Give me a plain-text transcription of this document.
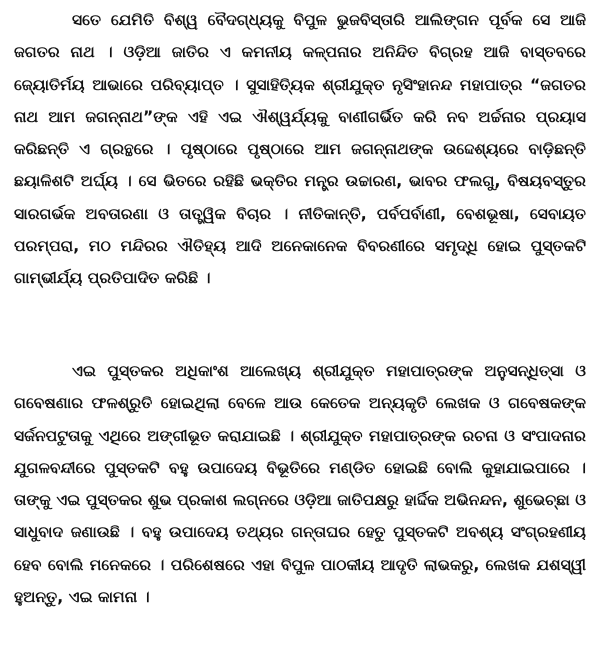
ସତେ ଯେମିତି ବିଶ୍ୱ ବୈଦଗ୍ଧ୍ୟକୁ ବିପୁଳ ଭୁଜବିସ୍ତାରି ଆଲିଙ୍ଗନ ପୂର୍ବକ ସେ ଆଜି ଜଗତର ନାଥ । ଓଡ଼ିଆ ଜାତିର ଏ କମନୀୟ କଳ୍ପନାର ଅନିନ୍ଦିତ ବିଗ୍ରହ ଆଜି ବାସ୍ତବରେ ଜ୍ୟୋତିର୍ମୟ ଆଭାରେ ପରିବ୍ୟାପ୍ତ । ସୁସାହିତ୍ୟିକ ଶ୍ରୀଯୁକ୍ତ ନୃସିଂହାନନ୍ଦ ମହାପାତ୍ର “ଜଗତର ନାଥ ଆମ ଜଗନ୍ନାଥ”ଙ୍କ ଏହି ଏଇ ଐଶ୍ୱର୍ଯ୍ୟକୁ ବାଣୀଗର୍ଭିତ କରି ନବ ଅର୍ଚ୍ଚନାର ପ୍ରୟାସ କରିଛନ୍ତି ଏ ଗ୍ରନ୍ଥରେ । ପୃଷ୍ଠାରେ ପୃଷ୍ଠାରେ ଆମ ଜଗନ୍ନାଥଙ୍କ ଉଦ୍ଦେଶ୍ୟରେ ବାଡ଼ିଛନ୍ତି ଛୟାଳିଶଟି ଅର୍ଘ୍ୟ । ସେ ଭିତରେ ରହିଛି ଭକ୍ତିର ମନ୍ତ୍ର ଉଚ୍ଚାରଣ, ଭାବର ଫଲଗୁ, ବିଷୟବସ୍ତୁର ସାରଗର୍ଭକ ଅବତାରଣା ଓ ତାତ୍ତ୍ୱିକ ବିଚାର । ନୀତିକାନ୍ତି, ପର୍ବପର୍ବାଣୀ, ବେଶଭୂଷା, ସେବାୟତ ପରମ୍ପରା, ମଠ ମନ୍ଦିରର ଐତିହ୍ୟ ଆଦି ଅନେକାନେକ ବିବରଣୀରେ ସମୃଦ୍ଧି ହୋଇ ପୁସ୍ତକଟି ଗାମ୍ଭୀର୍ଯ୍ୟ ପ୍ରତିପାଦିତ କରିଛି ।

ଏଇ ପୁସ୍ତକର ଅଧିକାଂଶ ଆଲେଖ୍ୟ ଶ୍ରୀଯୁକ୍ତ ମହାପାତ୍ରଙ୍କ ଅନୁସନ୍ଧିତ୍ସା ଓ ଗବେଷଣାର ଫଳଶ୍ରୁତି ହୋଇଥିଲା ବେଳେ ଆଉ କେତେକ ଅନ୍ୟକୃତି ଲେଖକ ଓ ଗବେଷକଙ୍କ ସର୍ଜନପଟୁତାକୁ ଏଥିରେ ଅଙ୍ଗୀଭୂତ କରାଯାଇଛି । ଶ୍ରୀଯୁକ୍ତ ମହାପାତ୍ରଙ୍କ ରଚନା ଓ ସଂପାଦନାର ଯୁଗଳବନ୍ଦୀରେ ପୁସ୍ତକଟି ବହୁ ଉପାଦେୟ ବିଭୂତିରେ ମଣ୍ଡିତ ହୋଇଛି ବୋଲି କୁହାଯାଇପାରେ । ତାଙ୍କୁ ଏଇ ପୁସ୍ତକର ଶୁଭ ପ୍ରକାଶ ଲଗ୍ନରେ ଓଡ଼ିଆ ଜାତିପକ୍ଷରୁ ହାର୍ଦ୍ଦିକ ଅଭିନନ୍ଦନ, ଶୁଭେଚ୍ଛା ଓ ସାଧୁବାଦ ଜଣାଉଛି । ବହୁ ଉପାଦେୟ ତଥ୍ୟର ଗନ୍ତାଘର ହେତୁ ପୁସ୍ତକଟି ଅବଶ୍ୟ ସଂଗ୍ରହଣୀୟ ହେବ ବୋଲି ମନେକରେ । ପରିଶେଷରେ ଏହା ବିପୁଳ ପାଠକୀୟ ଆଦୃତି ଲାଭକରୁ, ଲେଖକ ଯଶସ୍ୱୀ ହୁଅନ୍ତୁ, ଏଇ କାମନା ।
